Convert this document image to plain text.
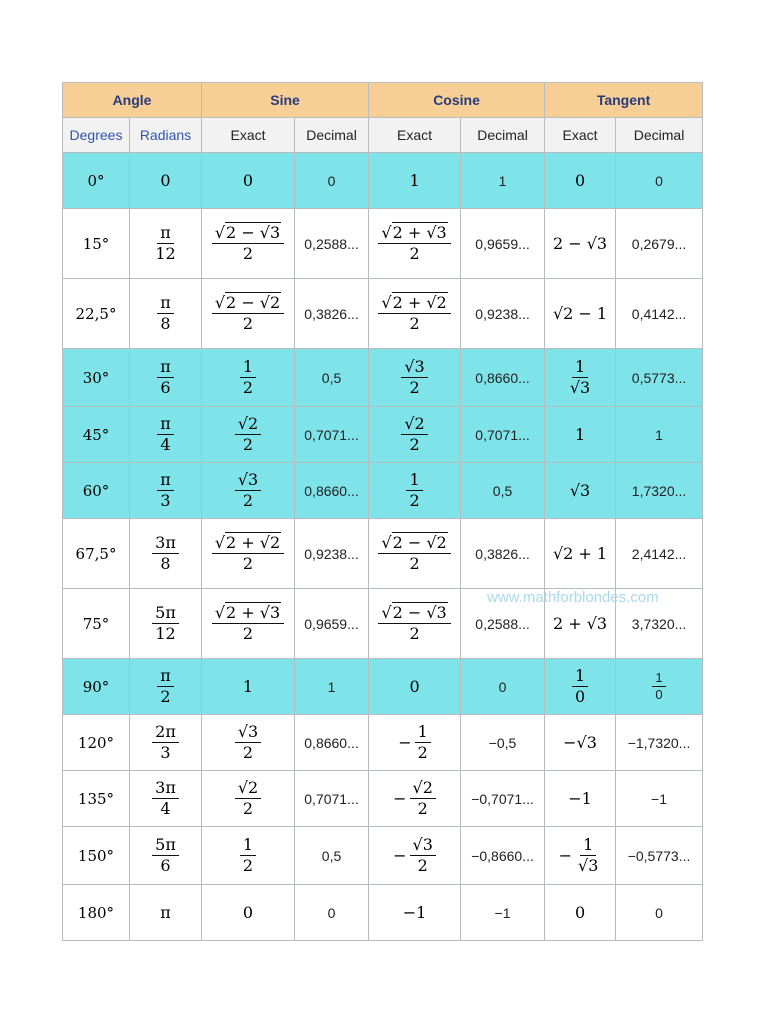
Angle		Sine		Cosine		Tangent	
Degrees	Radians	Exact	Decimal	Exact	Decimal	Exact	Decimal
0°	0	0	0	1	1	0	0
15°	$\frac{\pi}{12}$	√ $\frac{2 - √3}{2}$	0,2588...	√ $\frac{2 + √3}{2}$	0,9659...	2 − √3	0,2679...
22,5°	$\frac{\pi}{8}$	√ $\frac{2 - √2}{2}$	0,3826...	√ $\frac{2 + √2}{2}$	0,9238...	√2 − 1	0,4142...
30°	$\frac{\pi}{6}$	$\frac{1}{2}$	0,5	$\frac{√3}{2}$	0,8660...	$\frac{1}{√3}$	0,5773...
45°	$\frac{\pi}{4}$	$\frac{√2}{2}$	0,7071...	$\frac{√2}{2}$	0,7071...	1	1
60°	$\frac{\pi}{3}$	$\frac{√3}{2}$	0,8660...	$\frac{1}{2}$	0,5	√3	1,7320...
67,5°	$\frac{3\pi}{8}$	√ $\frac{2 + √2}{2}$	0,9238...	√ $\frac{2 - √2}{2}$	0,3826...	√2 + 1	2,4142...
75°	$\frac{5\pi}{12}$	√ $\frac{2 + √3}{2}$	0,9659...	√ $\frac{2 - √3}{2}$	0,2588...	2 + √3	3,7320...
90°	$\frac{\pi}{2}$	1	1	0	0	$\frac{1}{0}$	$\frac{1}{0}$

120°	$\frac{2\pi}{3}$	$\frac{√3}{2}$	0,8660...	− $\frac{1}{2}$	−0,5	−√3	−1,7320...
135°	$\frac{3\pi}{4}$	$\frac{√2}{2}$	0,7071...	− $\frac{√2}{2}$	−0,7071...	−1	−1
150°	$\frac{5\pi}{6}$	$\frac{1}{2}$	0,5	− $\frac{√3}{2}$	−0,8660...	− $\frac{1}{√3}$	−0,5773...
180°	π	0	0	−1	−1	0	0
www.mathforblondes.com
